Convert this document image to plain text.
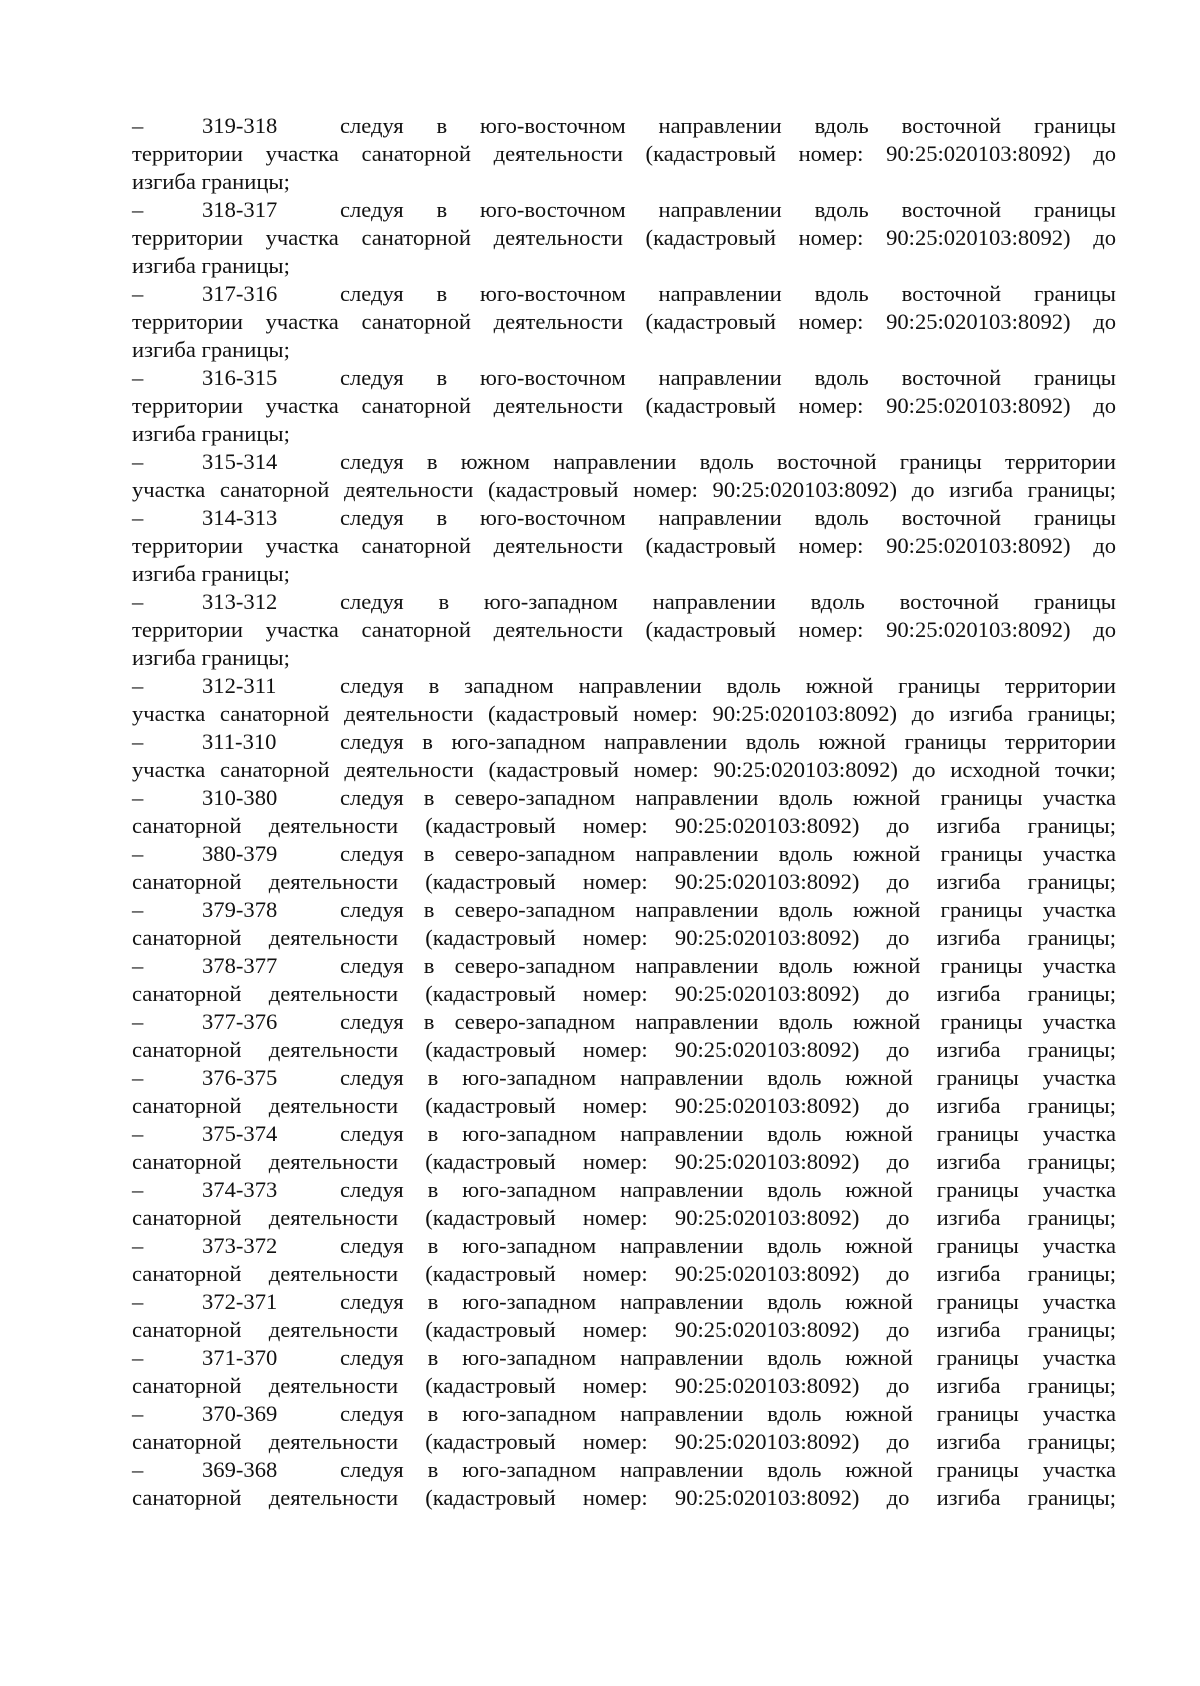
–	319-318	следуя в юго-восточном направлении вдоль восточной границы
территории участка санаторной деятельности (кадастровый номер: 90:25:020103:8092) до
изгиба границы;
–	318-317	следуя в юго-восточном направлении вдоль восточной границы
территории участка санаторной деятельности (кадастровый номер: 90:25:020103:8092) до
изгиба границы;
–	317-316	следуя в юго-восточном направлении вдоль восточной границы
территории участка санаторной деятельности (кадастровый номер: 90:25:020103:8092) до
изгиба границы;
–	316-315	следуя в юго-восточном направлении вдоль восточной границы
территории участка санаторной деятельности (кадастровый номер: 90:25:020103:8092) до
изгиба границы;
–	315-314	следуя в южном направлении вдоль восточной границы территории
участка санаторной деятельности (кадастровый номер: 90:25:020103:8092) до изгиба границы;
–	314-313	следуя в юго-восточном направлении вдоль восточной границы
территории участка санаторной деятельности (кадастровый номер: 90:25:020103:8092) до
изгиба границы;
–	313-312	следуя в юго-западном направлении вдоль восточной границы
территории участка санаторной деятельности (кадастровый номер: 90:25:020103:8092) до
изгиба границы;
–	312-311	следуя в западном направлении вдоль южной границы территории
участка санаторной деятельности (кадастровый номер: 90:25:020103:8092) до изгиба границы;
–	311-310	следуя в юго-западном направлении вдоль южной границы территории
участка санаторной деятельности (кадастровый номер: 90:25:020103:8092) до исходной точки;
–	310-380	следуя в северо-западном направлении вдоль южной границы участка
санаторной деятельности (кадастровый номер: 90:25:020103:8092) до изгиба границы;
–	380-379	следуя в северо-западном направлении вдоль южной границы участка
санаторной деятельности (кадастровый номер: 90:25:020103:8092) до изгиба границы;
–	379-378	следуя в северо-западном направлении вдоль южной границы участка
санаторной деятельности (кадастровый номер: 90:25:020103:8092) до изгиба границы;
–	378-377	следуя в северо-западном направлении вдоль южной границы участка
санаторной деятельности (кадастровый номер: 90:25:020103:8092) до изгиба границы;
–	377-376	следуя в северо-западном направлении вдоль южной границы участка
санаторной деятельности (кадастровый номер: 90:25:020103:8092) до изгиба границы;
–	376-375	следуя в юго-западном направлении вдоль южной границы участка
санаторной деятельности (кадастровый номер: 90:25:020103:8092) до изгиба границы;
–	375-374	следуя в юго-западном направлении вдоль южной границы участка
санаторной деятельности (кадастровый номер: 90:25:020103:8092) до изгиба границы;
–	374-373	следуя в юго-западном направлении вдоль южной границы участка
санаторной деятельности (кадастровый номер: 90:25:020103:8092) до изгиба границы;
–	373-372	следуя в юго-западном направлении вдоль южной границы участка
санаторной деятельности (кадастровый номер: 90:25:020103:8092) до изгиба границы;
–	372-371	следуя в юго-западном направлении вдоль южной границы участка
санаторной деятельности (кадастровый номер: 90:25:020103:8092) до изгиба границы;
–	371-370	следуя в юго-западном направлении вдоль южной границы участка
санаторной деятельности (кадастровый номер: 90:25:020103:8092) до изгиба границы;
–	370-369	следуя в юго-западном направлении вдоль южной границы участка
санаторной деятельности (кадастровый номер: 90:25:020103:8092) до изгиба границы;
–	369-368	следуя в юго-западном направлении вдоль южной границы участка
санаторной деятельности (кадастровый номер: 90:25:020103:8092) до изгиба границы;
